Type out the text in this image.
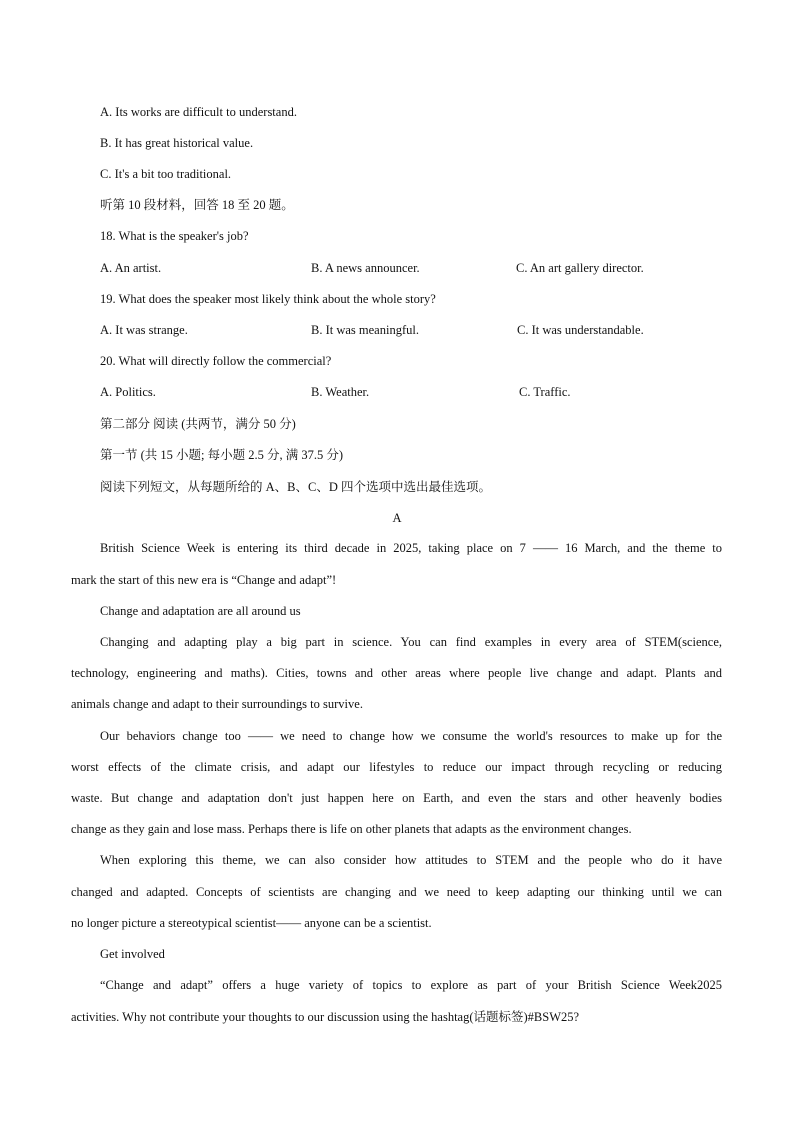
A. Its works are difficult to understand.
B. It has great historical value.
C. It's a bit too traditional.
听第 10 段材料，回答 18 至 20 题。
18. What is the speaker's job?
A. An artist.	B. A news announcer.	C. An art gallery director.
19. What does the speaker most likely think about the whole story?
A. It was strange.	B. It was meaningful.	C. It was understandable.
20. What will directly follow the commercial?
A. Politics.	B. Weather.	C. Traffic.
第二部分 阅读 (共两节，满分 50 分)
第一节 (共 15 小题; 每小题 2.5 分, 满 37.5 分)
阅读下列短文，从每题所给的 A、B、C、D 四个选项中选出最佳选项。
A
British Science Week is entering its third decade in 2025, taking place on 7 —— 16 March, and the theme to
mark the start of this new era is “Change and adapt”!
Change and adaptation are all around us
Changing and adapting play a big part in science. You can find examples in every area of STEM(science,
technology, engineering and maths). Cities, towns and other areas where people live change and adapt. Plants and
animals change and adapt to their surroundings to survive.
Our behaviors change too —— we need to change how we consume the world's resources to make up for the
worst effects of the climate crisis, and adapt our lifestyles to reduce our impact through recycling or reducing
waste. But change and adaptation don't just happen here on Earth, and even the stars and other heavenly bodies
change as they gain and lose mass. Perhaps there is life on other planets that adapts as the environment changes.
When exploring this theme, we can also consider how attitudes to STEM and the people who do it have
changed and adapted. Concepts of scientists are changing and we need to keep adapting our thinking until we can
no longer picture a stereotypical scientist—— anyone can be a scientist.
Get involved
“Change and adapt” offers a huge variety of topics to explore as part of your British Science Week2025
activities. Why not contribute your thoughts to our discussion using the hashtag(话题标签)#BSW25?
